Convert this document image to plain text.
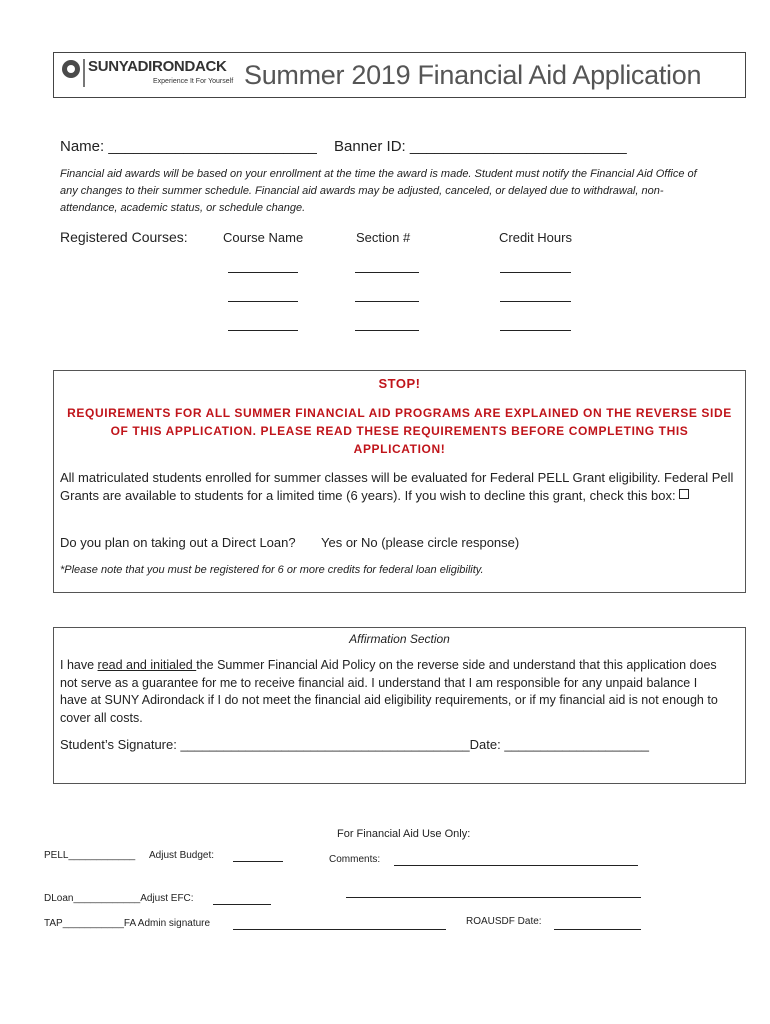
SUNYADIRONDACK
Experience It For Yourself Summer 2019 Financial Aid Application
Name: _________________________ Banner ID: __________________________
Financial aid awards will be based on your enrollment at the time the award is made. Student must notify the Financial Aid Office of any changes to their summer schedule. Financial aid awards may be adjusted, canceled, or delayed due to withdrawal, non- attendance, academic status, or schedule change.
Registered Courses:	Course Name	Section #	Credit Hours
STOP!
REQUIREMENTS FOR ALL SUMMER FINANCIAL AID PROGRAMS ARE EXPLAINED ON THE REVERSE SIDE OF THIS APPLICATION. PLEASE READ THESE REQUIREMENTS BEFORE COMPLETING THIS APPLICATION!
All matriculated students enrolled for summer classes will be evaluated for Federal PELL Grant eligibility. Federal Pell Grants are available to students for a limited time (6 years). If you wish to decline this grant, check this box:
Do you plan on taking out a Direct Loan? Yes or No (please circle response)
*Please note that you must be registered for 6 or more credits for federal loan eligibility.
Affirmation Section
I have read and initialed the Summer Financial Aid Policy on the reverse side and understand that this application does not serve as a guarantee for me to receive financial aid. I understand that I am responsible for any unpaid balance I have at SUNY Adirondack if I do not meet the financial aid eligibility requirements, or if my financial aid is not enough to cover all costs.
Student’s Signature: ________________________________________Date: ____________________
For Financial Aid Use Only:
PELL____________ Adjust Budget:	Comments:
DLoan____________Adjust EFC:
TAP___________FA Admin signature	ROAUSDF Date:
